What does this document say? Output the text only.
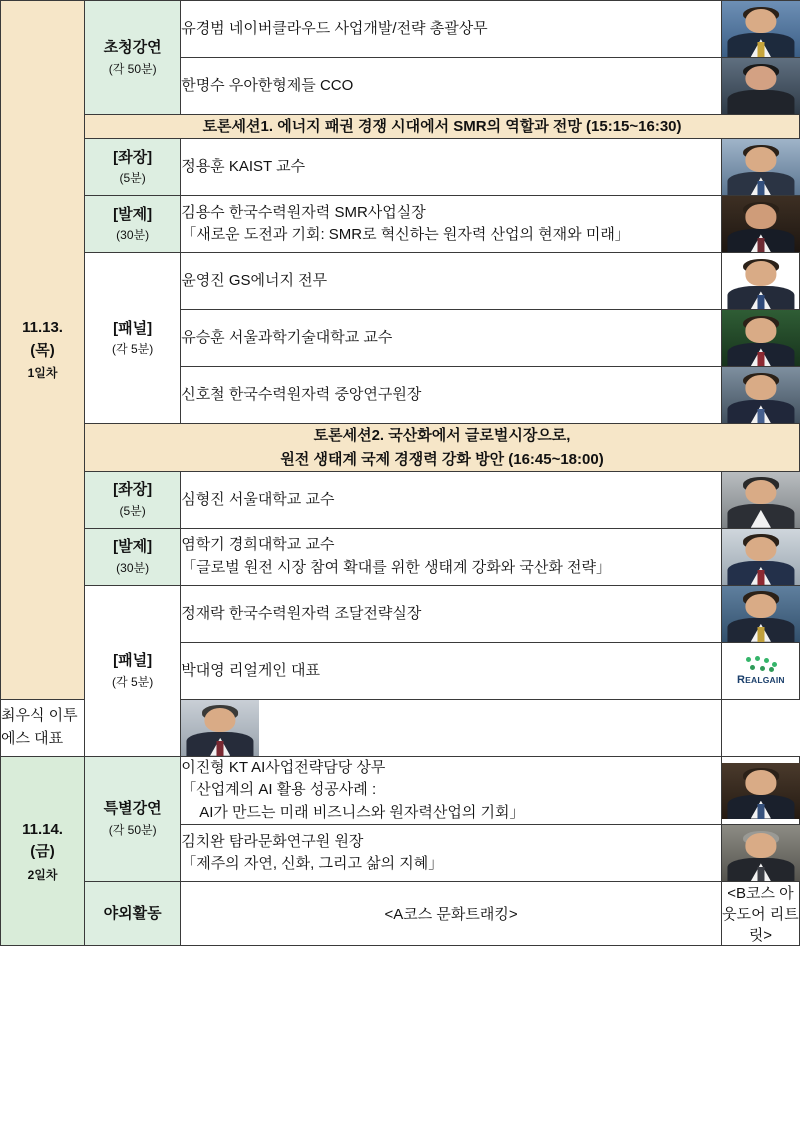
11.13.
(목)
1일차	초청강연
(각 50분)	유경범 네이버클라우드 사업개발/전략 총괄상무	

		한명수 우아한형제들 CCO	

	토론세션1. 에너지 패권 경쟁 시대에서 SMR의 역할과 전망 (15:15~16:30)		

	[좌장]
(5분)	정용훈 KAIST 교수	

	[발제]
(30분)	김용수 한국수력원자력 SMR사업실장
「새로운 도전과 기회: SMR로 혁신하는 원자력 산업의 현재와 미래」	

	[패널]
(각 5분)	윤영진 GS에너지 전무	

		유승훈 서울과학기술대학교 교수	

		신호철 한국수력원자력 중앙연구원장	

	토론세션2. 국산화에서 글로벌시장으로,
원전 생태계 국제 경쟁력 강화 방안 (16:45~18:00)		

	[좌장]
(5분)	심형진 서울대학교 교수	

	[발제]
(30분)	염학기 경희대학교 교수
「글로벌 원전 시장 참여 확대를 위한 생태계 강화와 국산화 전략」	

	[패널]
(각 5분)	정재락 한국수력원자력 조달전략실장	

		박대영 리얼게인 대표	REALGAIN

최우식 이투에스 대표			

11.14.
(금)
2일차	특별강연
(각 50분)	이진형 KT AI사업전략담당 상무
「산업계의 AI 활용 성공사례 :
AI가 만드는 미래 비즈니스와 원자력산업의 기회」	

		김치완 탐라문화연구원 원장
「제주의 자연, 신화, 그리고 삶의 지혜」	

	야외활동	<A코스 문화트래킹>	<B코스 아웃도어 리트릿>
